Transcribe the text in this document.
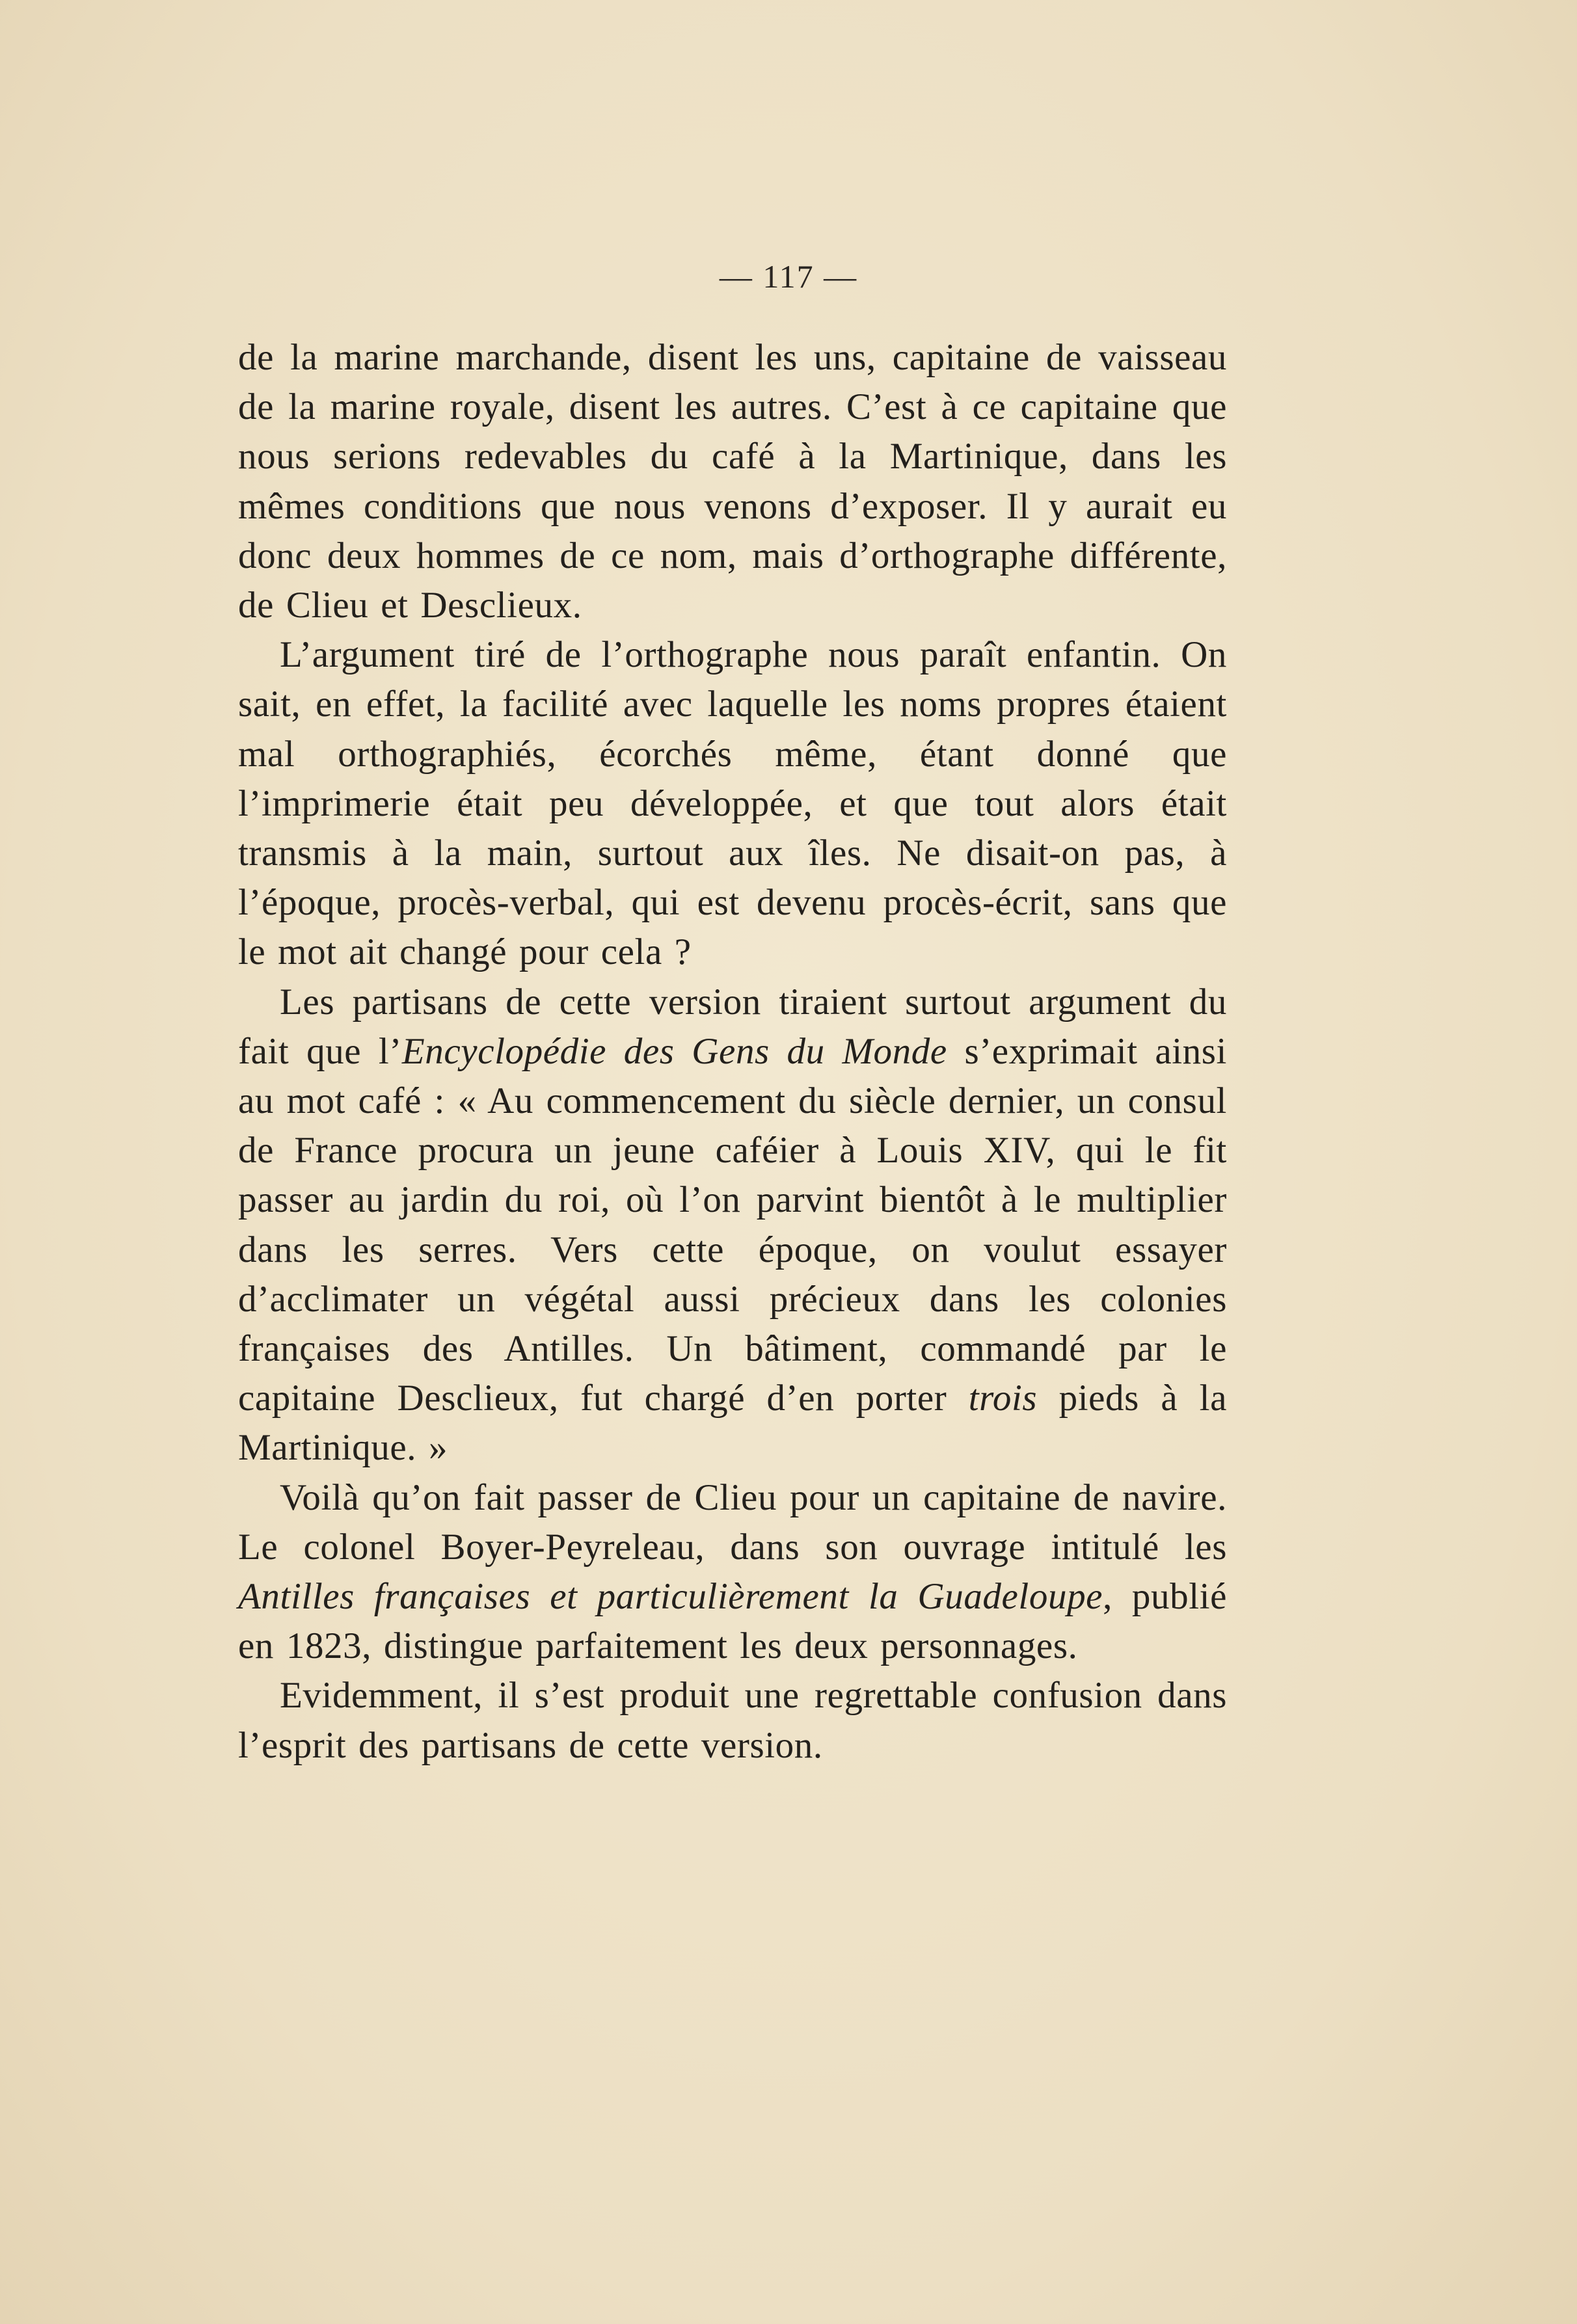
— 117 —

de la marine marchande, disent les uns, capitaine de vaisseau de la marine royale, disent les autres. C’est à ce capitaine que nous serions redevables du café à la Martinique, dans les mêmes conditions que nous venons d’exposer. Il y aurait eu donc deux hommes de ce nom, mais d’orthographe différente, de Clieu et Desclieux.

L’argument tiré de l’orthographe nous paraît enfantin. On sait, en effet, la facilité avec laquelle les noms propres étaient mal orthographiés, écorchés même, étant donné que l’imprimerie était peu développée, et que tout alors était transmis à la main, surtout aux îles. Ne disait-on pas, à l’époque, procès-verbal, qui est devenu procès-écrit, sans que le mot ait changé pour cela ?

Les partisans de cette version tiraient surtout argument du fait que l’Encyclopédie des Gens du Monde s’exprimait ainsi au mot café : « Au commencement du siècle dernier, un consul de France procura un jeune caféier à Louis XIV, qui le fit passer au jardin du roi, où l’on parvint bientôt à le multiplier dans les serres. Vers cette époque, on voulut essayer d’acclimater un végétal aussi précieux dans les colonies françaises des Antilles. Un bâtiment, commandé par le capitaine Desclieux, fut chargé d’en porter trois pieds à la Martinique. »

Voilà qu’on fait passer de Clieu pour un capitaine de navire. Le colonel Boyer-Peyreleau, dans son ouvrage intitulé les Antilles françaises et particulièrement la Guadeloupe, publié en 1823, distingue parfaitement les deux personnages.

Evidemment, il s’est produit une regrettable confusion dans l’esprit des partisans de cette version.
